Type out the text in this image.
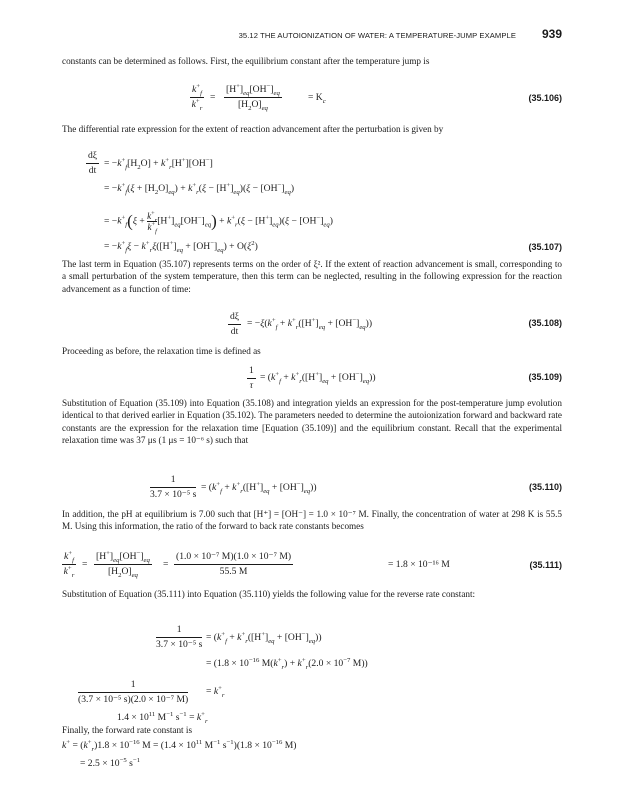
35.12 THE AUTOIONIZATION OF WATER: A TEMPERATURE-JUMP EXAMPLE 939

constants can be determined as follows. First, the equilibrium constant after the temperature jump is

$\frac{k^+_f}{k^+_r} = \frac{[H^+]_{eq}[OH^-]_{eq}}{[H_2O]_{eq}}$	= $K_c$	(35.106)

The differential rate expression for the extent of reaction advancement after the perturbation is given by

$\frac{d\xi}{dt} = -k^+_f[H_2O] + k^+_r[H^+][OH^-]$
= $-k^+_f(\xi + [H_2O]_{eq}) + k^+_r(\xi - [H^+]_{eq})(\xi - [OH^-]_{eq})$
= $-k^+_f(\xi + \frac{k^+_r}{k^+_f} [H^+]_{eq}[OH^-]_{eq}) + k^+_r(\xi - [H^+]_{eq})(\xi - [OH^-]_{eq})$
= $-k^+_f\xi - k^+_r\xi([H^+]_{eq} + [OH^-]_{eq}) + O(\xi^2)$	(35.107)

The last term in Equation (35.107) represents terms on the order of ξ². If the extent of reaction advancement is small, corresponding to a small perturbation of the system temperature, then this term can be neglected, resulting in the following expression for the reaction advancement as a function of time:

$\frac{d\xi}{dt} = -\xi(k^+_f + k^+_r([H^+]_{eq} + [OH^-]_{eq}))$	(35.108)

Proceeding as before, the relaxation time is defined as

$\frac{1}{\tau} = (k^+_f + k^+_r([H^+]_{eq} + [OH^-]_{eq}))$	(35.109)

Substitution of Equation (35.109) into Equation (35.108) and integration yields an expression for the post-temperature jump evolution identical to that derived earlier in Equation (35.102). The parameters needed to determine the autoionization forward and backward rate constants are the expression for the relaxation time [Equation (35.109)] and the equilibrium constant. Recall that the experimental relaxation time was 37 μs (1 μs = 10⁻⁶ s) such that

$\frac{1}{\text{3.7 × 10⁻⁵ s}} = (k^+_f + k^+_r([H^+]_{eq} + [OH^-]_{eq}))$	(35.110)

In addition, the pH at equilibrium is 7.00 such that [H⁺] = [OH⁻] = 1.0 × 10⁻⁷ M. Finally, the concentration of water at 298 K is 55.5 M. Using this information, the ratio of the forward to back rate constants becomes

$\frac{k^+_f}{k^+_r} = \frac{[H^+]_{eq}[OH^-]_{eq}}{[H_2O]_{eq}} = \frac{\text{(1.0 × 10⁻⁷ M)(1.0 × 10⁻⁷ M)}}{55.5 M}$	= 1.8 × 10⁻¹⁶ M	(35.111)

Substitution of Equation (35.111) into Equation (35.110) yields the following value for the reverse rate constant:

$\frac{1}{\text{3.7 × 10⁻⁵ s}} = (k^+_f + k^+_r([H^+]_{eq} + [OH^-]_{eq}))$
= ($1.8 \times 10^{-16}$ $M(k^+_r) + k^+_r(2.0 \times 10^{-7}$ M))
$\frac{1}{\text{(3.7 × 10⁻⁵ s)(2.0 × 10⁻⁷ M)}} = k^+_r$
$1.4 \times 10^{11}$ $M^{-1}$ $s^{-1} = k^+_r$

Finally, the forward rate constant is

$k^+ = (k^+_r)1.8 \times 10^{-16}$ $M = (1.4 \times 10^{11}$ $M^{-1}$ $s^{-1})(1.8 \times 10^{-16}$ M)
= $2.5 \times 10^{-5}$ $s^{-1}$
